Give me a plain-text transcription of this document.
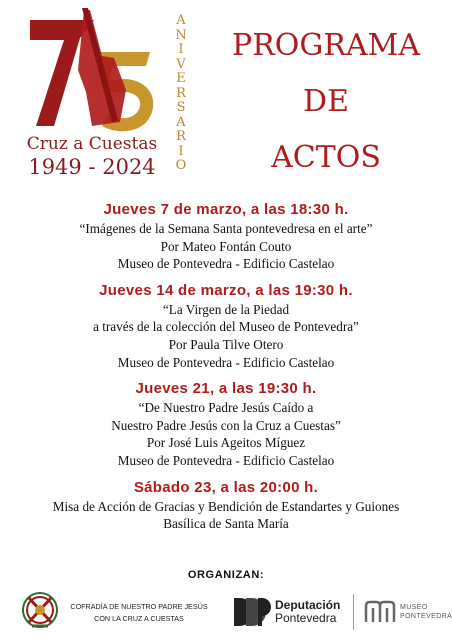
Cruz a Cuestas
1949 - 2024
A
N
I
V
E
R
S
A
R
I
O
PROGRAMA
DE
ACTOS
Jueves 7 de marzo, a las 18:30 h.
“Imágenes de la Semana Santa pontevedresa en el arte”
Por Mateo Fontán Couto
Museo de Pontevedra - Edificio Castelao
Jueves 14 de marzo, a las 19:30 h.
“La Virgen de la Piedad
a través de la colección del Museo de Pontevedra”
Por Paula Tilve Otero
Museo de Pontevedra - Edificio Castelao
Jueves 21, a las 19:30 h.
“De Nuestro Padre Jesús Caído a
Nuestro Padre Jesús con la Cruz a Cuestas”
Por José Luis Ageitos Míguez
Museo de Pontevedra - Edificio Castelao
Sábado 23, a las 20:00 h.
Misa de Acción de Gracias y Bendición de Estandartes y Guiones
Basílica de Santa María
ORGANIZAN:
COFRADÍA DE NUESTRO PADRE JESÚS
CON LA CRUZ A CUESTAS
Deputación
Pontevedra
MUSEO
PONTEVEDRA
